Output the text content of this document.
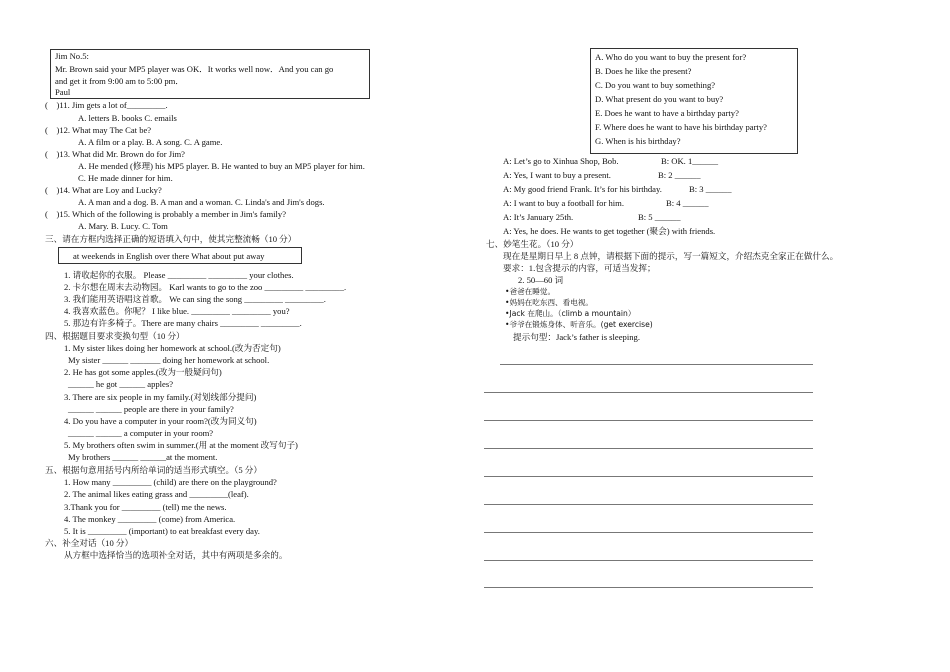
Jim No.5:
Mr. Brown said your MP5 player was OK．It works well now．And you can go
and get it from 9:00 am to 5:00 pm．
Paul
(　)11. Jim gets a lot of_________.
A. letters B. books C. emails
(　)12. What may The Cat be?
A. A film or a play. B. A song. C. A game.
(　)13. What did Mr. Brown do for Jim?
A. He mended (修理) his MP5 player. B. He wanted to buy an MP5 player for him.
C. He made dinner for him.
(　)14. What are Loy and Lucky?
A. A man and a dog. B. A man and a woman. C. Linda's and Jim's dogs.
(　)15. Which of the following is probably a member in Jim's family?
A. Mary. B. Lucy. C. Tom
三、请在方框内选择正确的短语填入句中，使其完整流畅（10 分）
at weekends in English over there What about put away
1. 请收起你的衣服。 Please _________ _________ your clothes.
2. 卡尔想在周末去动物园。 Karl wants to go to the zoo _________ _________.
3. 我们能用英语唱这首歌。 We can sing the song _________ _________.
4. 我喜欢蓝色。你呢？ I like blue. _________ _________ you?
5. 那边有许多椅子。There are many chairs _________ _________.
四、根据题目要求变换句型（10 分）
1. My sister likes doing her homework at school.(改为否定句)
My sister ______ _______ doing her homework at school.
2. He has got some apples.(改为一般疑问句)
______ he got ______ apples?
3. There are six people in my family.(对划线部分提问)
______ ______ people are there in your family?
4. Do you have a computer in your room?(改为同义句)
______ ______ a computer in your room?
5. My brothers often swim in summer.(用 at the moment 改写句子)
My brothers ______ ______at the moment.
五、根据句意用括号内所给单词的适当形式填空。（5 分）
1. How many _________ (child) are there on the playground?
2. The animal likes eating grass and _________(leaf).
3.Thank you for _________ (tell) me the news.
4. The monkey _________ (come) from America.
5. It is _________ (important) to eat breakfast every day.
六、补全对话（10 分）
从方框中选择恰当的选项补全对话，其中有两项是多余的。
A. Who do you want to buy the present for?
B. Does he like the present?
C. Do you want to buy something?
D. What present do you want to buy?
E. Does he want to have a birthday party?
F. Where does he want to have his birthday party?
G. When is his birthday?
A: Let’s go to Xinhua Shop, Bob.	B: OK. 1______
A: Yes, I want to buy a present.	B: 2 ______
A: My good friend Frank. It’s for his birthday.	B: 3 ______
A: I want to buy a football for him.	B: 4 ______
A: It’s January 25th.	B: 5 ______
A: Yes, he does. He wants to get together (聚会) with friends.
七、妙笔生花。（10 分）
现在是星期日早上 8 点钟，请根据下面的提示，写一篇短文，介绍杰克全家正在做什么。
要求：1.包含提示的内容，可适当发挥；
2. 50—60 词
•爸爸在睡觉。
•妈妈在吃东西、看电视。
•Jack 在爬山。（climb a mountain）
•爷爷在锻炼身体、听音乐。(get exercise)
提示句型：Jack’s father is sleeping.
